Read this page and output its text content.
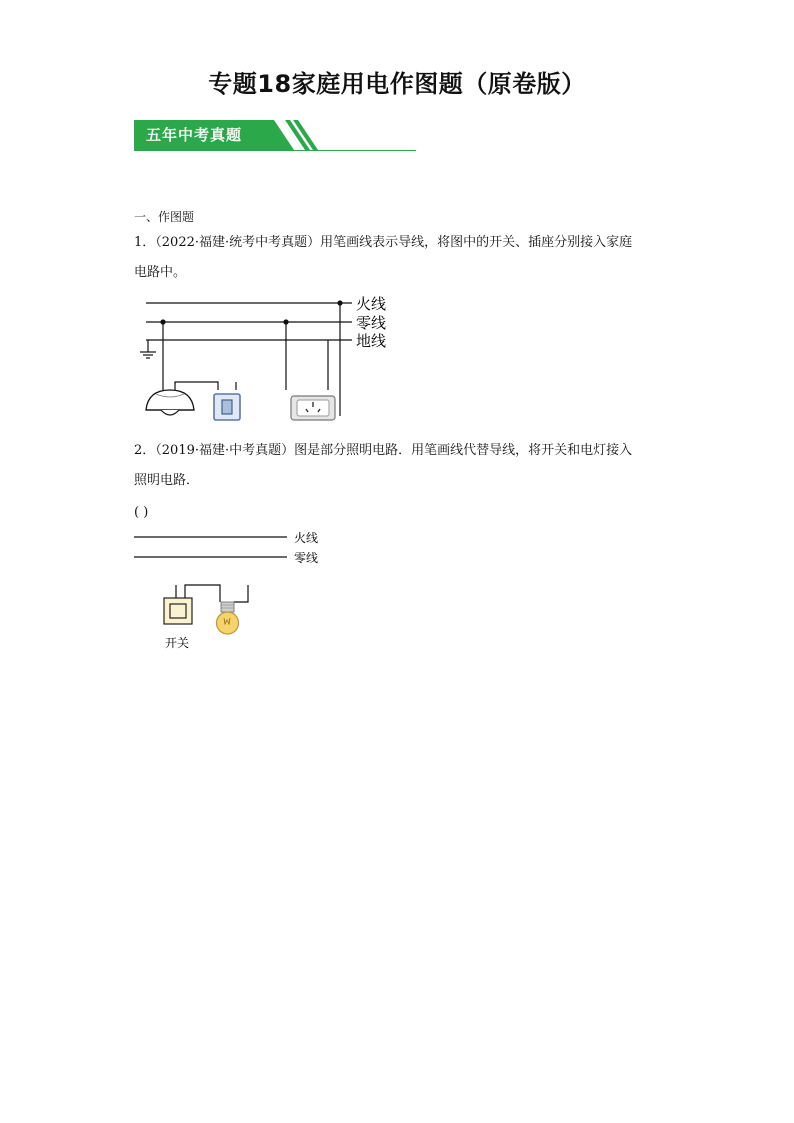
专题18家庭用电作图题（原卷版）
五年中考真题
一、作图题
1．（2022·福建·统考中考真题）用笔画线表示导线，将图中的开关、插座分别接入家庭
电路中。
火线
零线
地线
2．（2019·福建·中考真题）图是部分照明电路．用笔画线代替导线，将开关和电灯接入
照明电路．
( )
火线
零线
开关
